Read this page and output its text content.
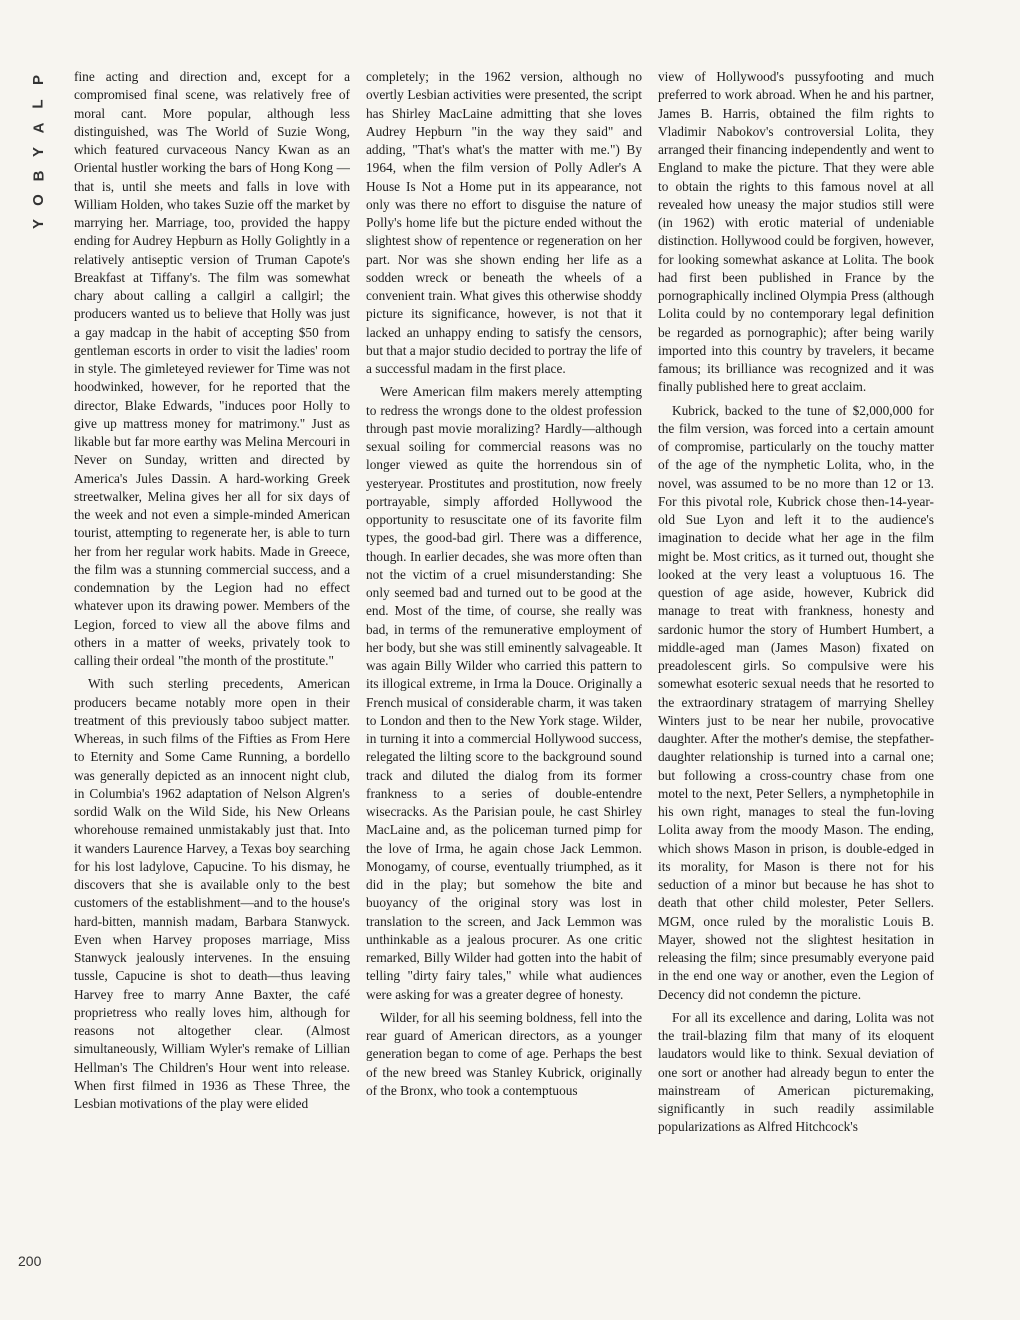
P
L
A
Y
B
O
Y

fine acting and direction and, except for a compromised final scene, was relatively free of moral cant. More popular, although less distinguished, was The World of Suzie Wong, which featured curvaceous Nancy Kwan as an Oriental hustler working the bars of Hong Kong —that is, until she meets and falls in love with William Holden, who takes Suzie off the market by marrying her. Marriage, too, provided the happy ending for Audrey Hepburn as Holly Golightly in a relatively antiseptic version of Truman Capote's Breakfast at Tiffany's. The film was somewhat chary about calling a callgirl a callgirl; the producers wanted us to believe that Holly was just a gay madcap in the habit of accepting $50 from gentleman escorts in order to visit the ladies' room in style. The gimleteyed reviewer for Time was not hoodwinked, however, for he reported that the director, Blake Edwards, "induces poor Holly to give up mattress money for matrimony." Just as likable but far more earthy was Melina Mercouri in Never on Sunday, written and directed by America's Jules Dassin. A hard-working Greek streetwalker, Melina gives her all for six days of the week and not even a simple-minded American tourist, attempting to regenerate her, is able to turn her from her regular work habits. Made in Greece, the film was a stunning commercial success, and a condemnation by the Legion had no effect whatever upon its drawing power. Members of the Legion, forced to view all the above films and others in a matter of weeks, privately took to calling their ordeal "the month of the prostitute."

With such sterling precedents, American producers became notably more open in their treatment of this previously taboo subject matter. Whereas, in such films of the Fifties as From Here to Eternity and Some Came Running, a bordello was generally depicted as an innocent night club, in Columbia's 1962 adaptation of Nelson Algren's sordid Walk on the Wild Side, his New Orleans whorehouse remained unmistakably just that. Into it wanders Laurence Harvey, a Texas boy searching for his lost ladylove, Capucine. To his dismay, he discovers that she is available only to the best customers of the establishment—and to the house's hard-bitten, mannish madam, Barbara Stanwyck. Even when Harvey proposes marriage, Miss Stanwyck jealously intervenes. In the ensuing tussle, Capucine is shot to death—thus leaving Harvey free to marry Anne Baxter, the café proprietress who really loves him, although for reasons not altogether clear. (Almost simultaneously, William Wyler's remake of Lillian Hellman's The Children's Hour went into release. When first filmed in 1936 as These Three, the Lesbian motivations of the play were elided

completely; in the 1962 version, although no overtly Lesbian activities were presented, the script has Shirley MacLaine admitting that she loves Audrey Hepburn "in the way they said" and adding, "That's what's the matter with me.") By 1964, when the film version of Polly Adler's A House Is Not a Home put in its appearance, not only was there no effort to disguise the nature of Polly's home life but the picture ended without the slightest show of repentence or regeneration on her part. Nor was she shown ending her life as a sodden wreck or beneath the wheels of a convenient train. What gives this otherwise shoddy picture its significance, however, is not that it lacked an unhappy ending to satisfy the censors, but that a major studio decided to portray the life of a successful madam in the first place.

Were American film makers merely attempting to redress the wrongs done to the oldest profession through past movie moralizing? Hardly—although sexual soiling for commercial reasons was no longer viewed as quite the horrendous sin of yesteryear. Prostitutes and prostitution, now freely portrayable, simply afforded Hollywood the opportunity to resuscitate one of its favorite film types, the good-bad girl. There was a difference, though. In earlier decades, she was more often than not the victim of a cruel misunderstanding: She only seemed bad and turned out to be good at the end. Most of the time, of course, she really was bad, in terms of the remunerative employment of her body, but she was still eminently salvageable. It was again Billy Wilder who carried this pattern to its illogical extreme, in Irma la Douce. Originally a French musical of considerable charm, it was taken to London and then to the New York stage. Wilder, in turning it into a commercial Hollywood success, relegated the lilting score to the background sound track and diluted the dialog from its former frankness to a series of double-entendre wisecracks. As the Parisian poule, he cast Shirley MacLaine and, as the policeman turned pimp for the love of Irma, he again chose Jack Lemmon. Monogamy, of course, eventually triumphed, as it did in the play; but somehow the bite and buoyancy of the original story was lost in translation to the screen, and Jack Lemmon was unthinkable as a jealous procurer. As one critic remarked, Billy Wilder had gotten into the habit of telling "dirty fairy tales," while what audiences were asking for was a greater degree of honesty.

Wilder, for all his seeming boldness, fell into the rear guard of American directors, as a younger generation began to come of age. Perhaps the best of the new breed was Stanley Kubrick, originally of the Bronx, who took a contemptuous

view of Hollywood's pussyfooting and much preferred to work abroad. When he and his partner, James B. Harris, obtained the film rights to Vladimir Nabokov's controversial Lolita, they arranged their financing independently and went to England to make the picture. That they were able to obtain the rights to this famous novel at all revealed how uneasy the major studios still were (in 1962) with erotic material of undeniable distinction. Hollywood could be forgiven, however, for looking somewhat askance at Lolita. The book had first been published in France by the pornographically inclined Olympia Press (although Lolita could by no contemporary legal definition be regarded as pornographic); after being warily imported into this country by travelers, it became famous; its brilliance was recognized and it was finally published here to great acclaim.

Kubrick, backed to the tune of $2,000,000 for the film version, was forced into a certain amount of compromise, particularly on the touchy matter of the age of the nymphetic Lolita, who, in the novel, was assumed to be no more than 12 or 13. For this pivotal role, Kubrick chose then-14-year-old Sue Lyon and left it to the audience's imagination to decide what her age in the film might be. Most critics, as it turned out, thought she looked at the very least a voluptuous 16. The question of age aside, however, Kubrick did manage to treat with frankness, honesty and sardonic humor the story of Humbert Humbert, a middle-aged man (James Mason) fixated on preadolescent girls. So compulsive were his somewhat esoteric sexual needs that he resorted to the extraordinary stratagem of marrying Shelley Winters just to be near her nubile, provocative daughter. After the mother's demise, the stepfather-daughter relationship is turned into a carnal one; but following a cross-country chase from one motel to the next, Peter Sellers, a nymphetophile in his own right, manages to steal the fun-loving Lolita away from the moody Mason. The ending, which shows Mason in prison, is double-edged in its morality, for Mason is there not for his seduction of a minor but because he has shot to death that other child molester, Peter Sellers. MGM, once ruled by the moralistic Louis B. Mayer, showed not the slightest hesitation in releasing the film; since presumably everyone paid in the end one way or another, even the Legion of Decency did not condemn the picture.

For all its excellence and daring, Lolita was not the trail-blazing film that many of its eloquent laudators would like to think. Sexual deviation of one sort or another had already begun to enter the mainstream of American picturemaking, significantly in such readily assimilable popularizations as Alfred Hitchcock's

200
